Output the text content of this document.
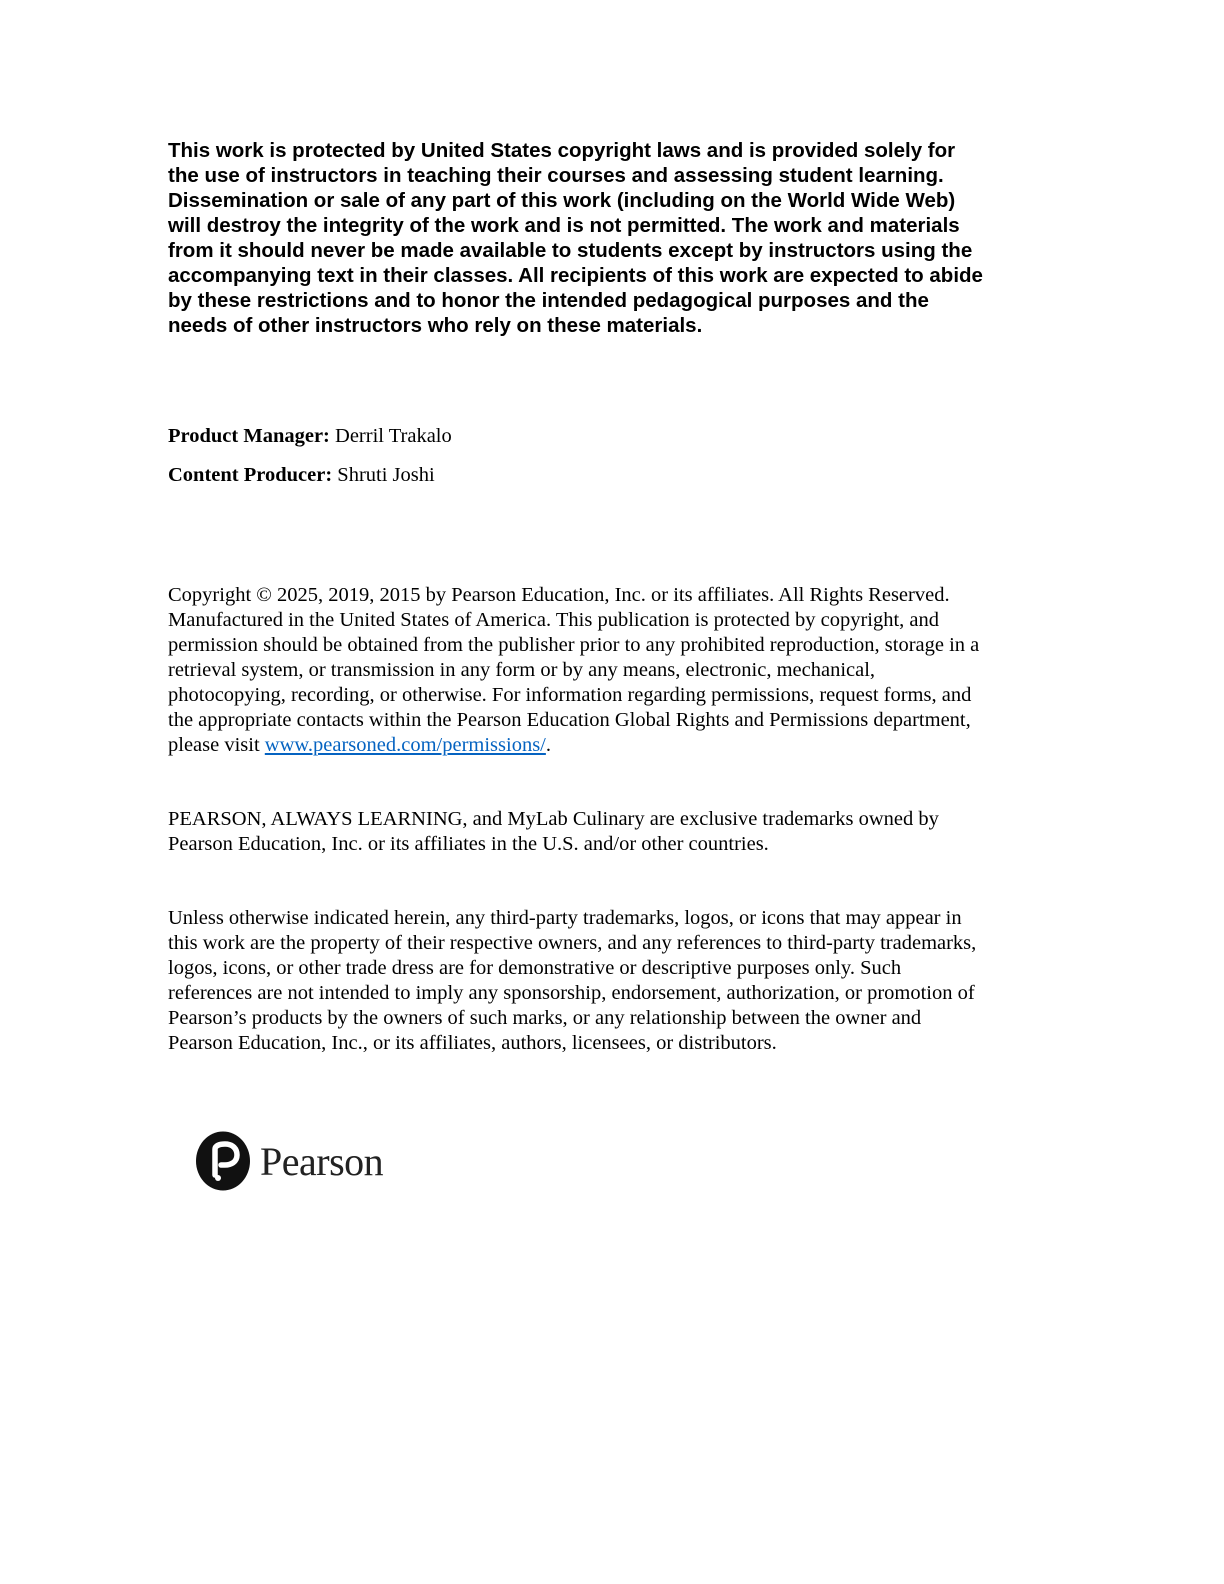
This work is protected by United States copyright laws and is provided solely for
the use of instructors in teaching their courses and assessing student learning.
Dissemination or sale of any part of this work (including on the World Wide Web)
will destroy the integrity of the work and is not permitted. The work and materials
from it should never be made available to students except by instructors using the
accompanying text in their classes. All recipients of this work are expected to abide
by these restrictions and to honor the intended pedagogical purposes and the
needs of other instructors who rely on these materials.
Product Manager: Derril Trakalo
Content Producer: Shruti Joshi
Copyright © 2025, 2019, 2015 by Pearson Education, Inc. or its affiliates. All Rights Reserved.
Manufactured in the United States of America. This publication is protected by copyright, and
permission should be obtained from the publisher prior to any prohibited reproduction, storage in a
retrieval system, or transmission in any form or by any means, electronic, mechanical,
photocopying, recording, or otherwise. For information regarding permissions, request forms, and
the appropriate contacts within the Pearson Education Global Rights and Permissions department,
please visit www.pearsoned.com/permissions/.
PEARSON, ALWAYS LEARNING, and MyLab Culinary are exclusive trademarks owned by
Pearson Education, Inc. or its affiliates in the U.S. and/or other countries.
Unless otherwise indicated herein, any third-party trademarks, logos, or icons that may appear in
this work are the property of their respective owners, and any references to third-party trademarks,
logos, icons, or other trade dress are for demonstrative or descriptive purposes only. Such
references are not intended to imply any sponsorship, endorsement, authorization, or promotion of
Pearson’s products by the owners of such marks, or any relationship between the owner and
Pearson Education, Inc., or its affiliates, authors, licensees, or distributors.
Pearson
